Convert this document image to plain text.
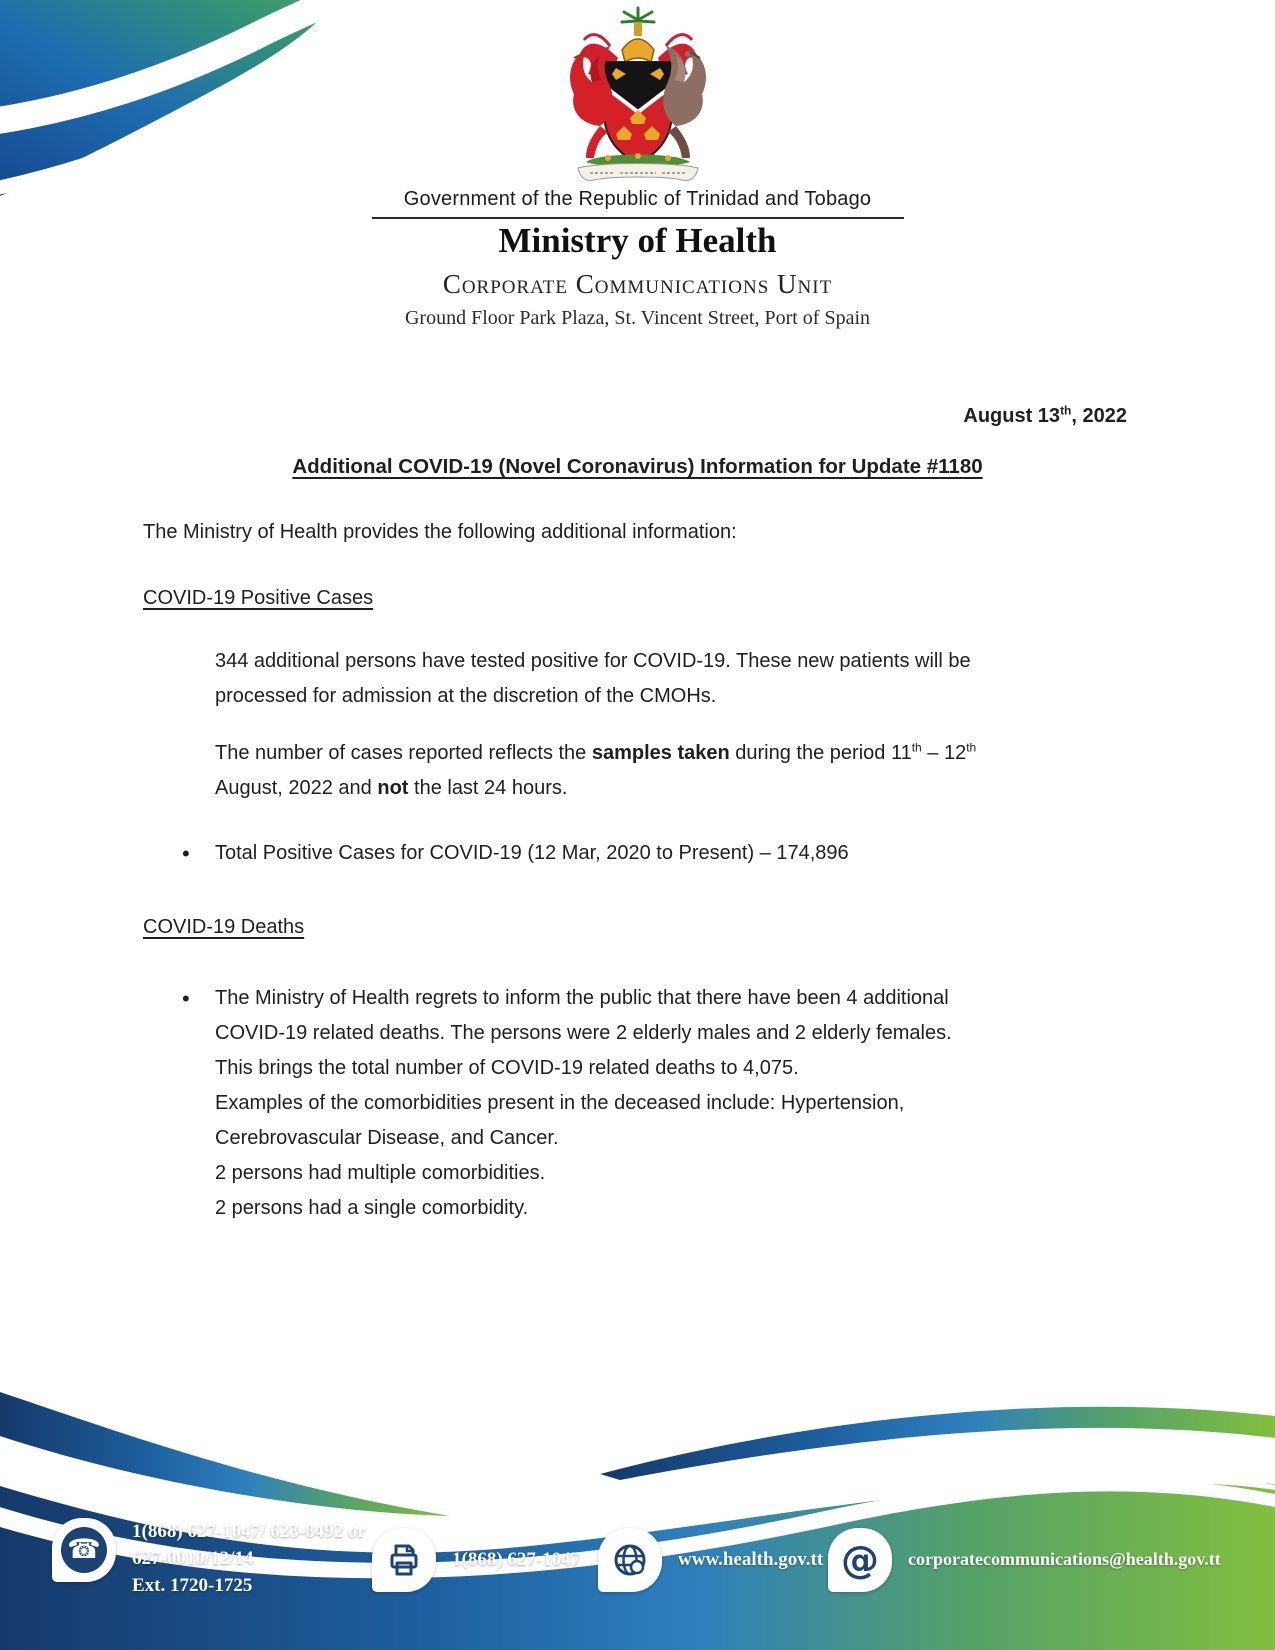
Government of the Republic of Trinidad and Tobago
Ministry of Health
Corporate Communications Unit
Ground Floor Park Plaza, St. Vincent Street, Port of Spain
August 13th, 2022
Additional COVID-19 (Novel Coronavirus) Information for Update #1180
The Ministry of Health provides the following additional information:
COVID-19 Positive Cases
344 additional persons have tested positive for COVID-19. These new patients will be
processed for admission at the discretion of the CMOHs.
The number of cases reported reflects the samples taken during the period 11th – 12th
August, 2022 and not the last 24 hours.
• Total Positive Cases for COVID-19 (12 Mar, 2020 to Present) – 174,896
COVID-19 Deaths
• The Ministry of Health regrets to inform the public that there have been 4 additional
COVID-19 related deaths. The persons were 2 elderly males and 2 elderly females.
This brings the total number of COVID-19 related deaths to 4,075.
Examples of the comorbidities present in the deceased include: Hypertension,
Cerebrovascular Disease, and Cancer.
2 persons had multiple comorbidities.
2 persons had a single comorbidity.
☎
1(868) 627-1047/ 623-8492 or
627-0010/12/14
Ext. 1720-1725
1(868) 627-1047	www.health.gov.tt @ corporatecommunications@health.gov.tt
